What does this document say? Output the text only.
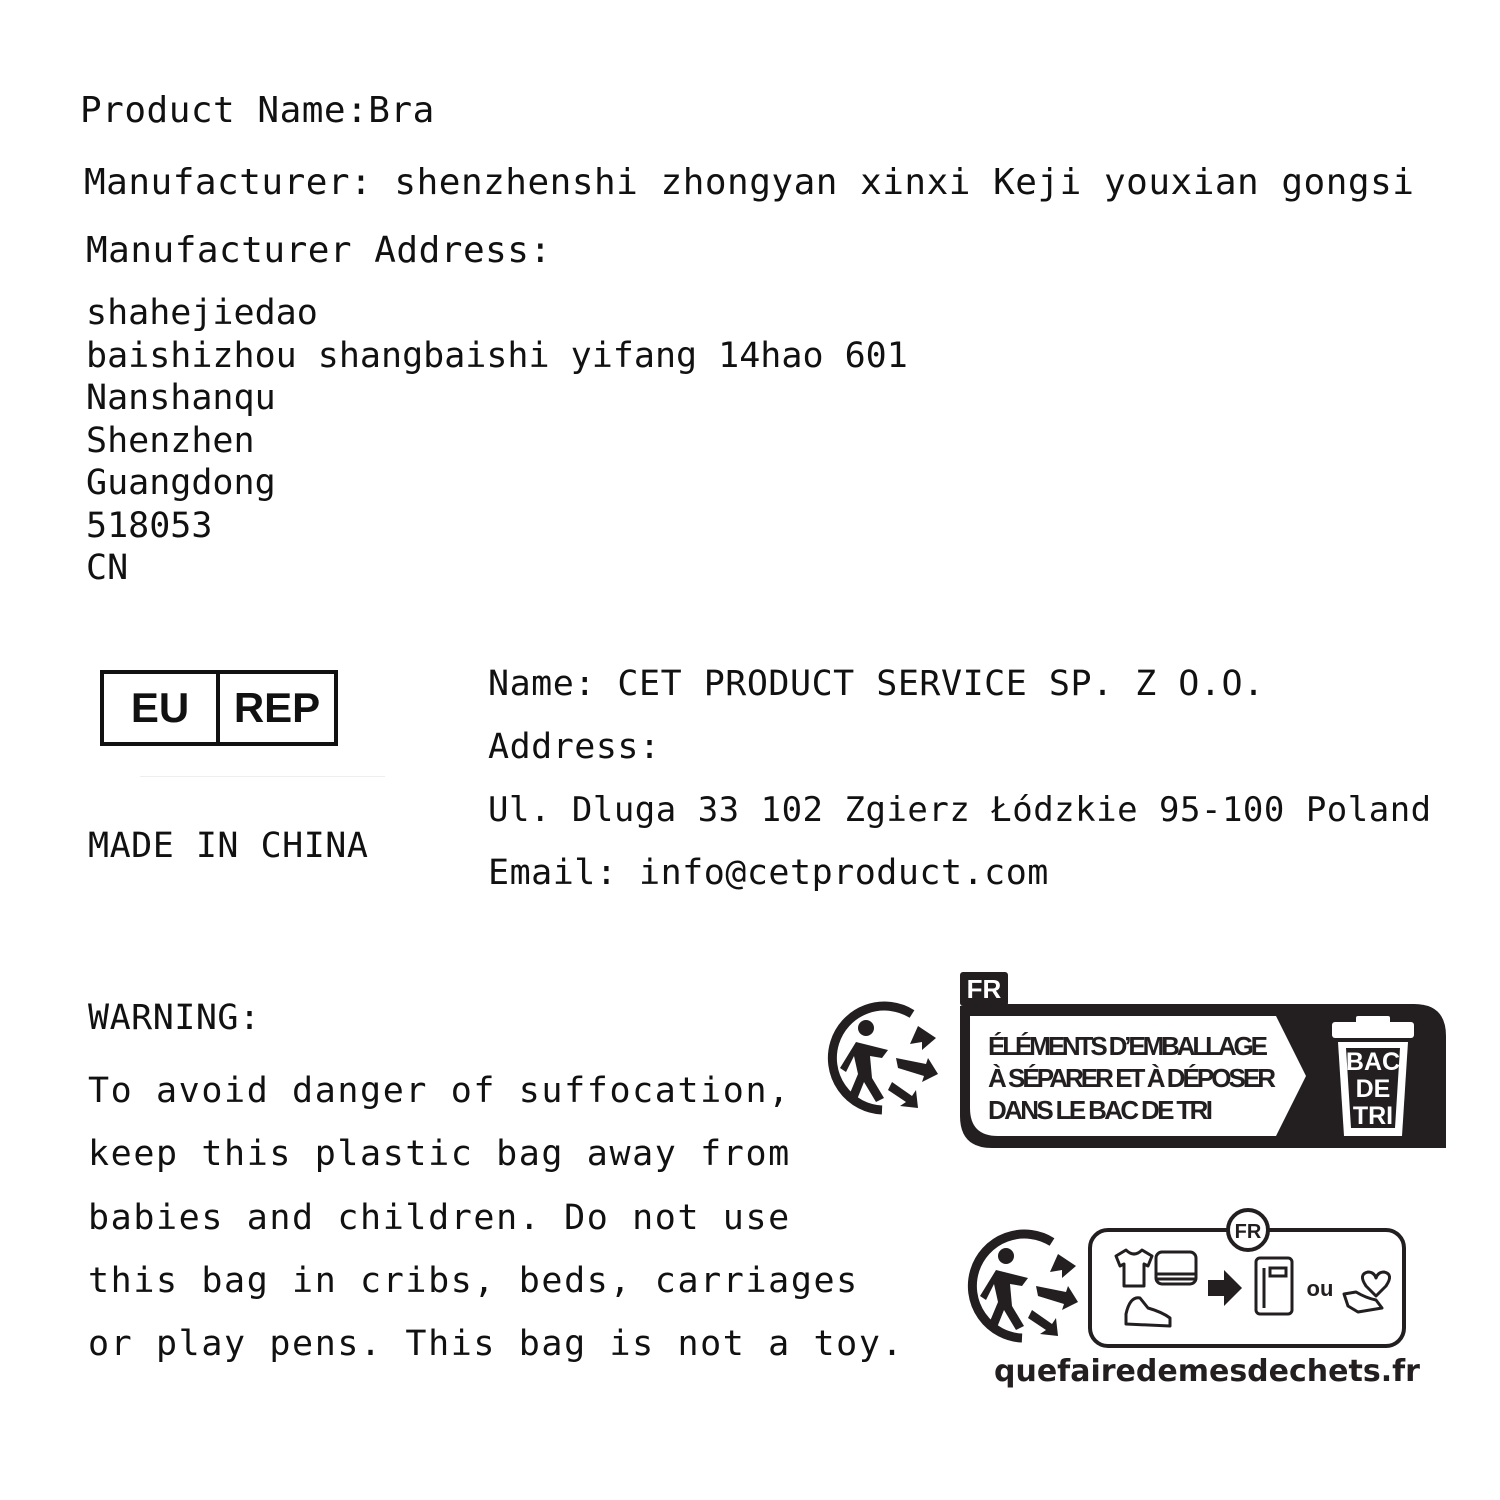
Product Name:Bra
Manufacturer: shenzhenshi zhongyan xinxi Keji youxian gongsi
Manufacturer Address:
shahejiedao
baishizhou shangbaishi yifang 14hao 601
Nanshanqu
Shenzhen
Guangdong
518053
CN
EU	REP
MADE IN CHINA
Name: CET PRODUCT SERVICE SP. Z O.O.
Address:
Ul. Dluga 33 102 Zgierz Łódzkie 95-100 Poland
Email: info@cetproduct.com
WARNING:
To avoid danger of suffocation,
keep this plastic bag away from
babies and children. Do not use
this bag in cribs, beds, carriages
or play pens. This bag is not a toy.
FR
ÉLÉMENTS D’EMBALLAGE
À SÉPARER ET À DÉPOSER
DANS LE BAC DE TRI
BAC
DE
TRI
FR
ou
quefairedemesdechets.fr
